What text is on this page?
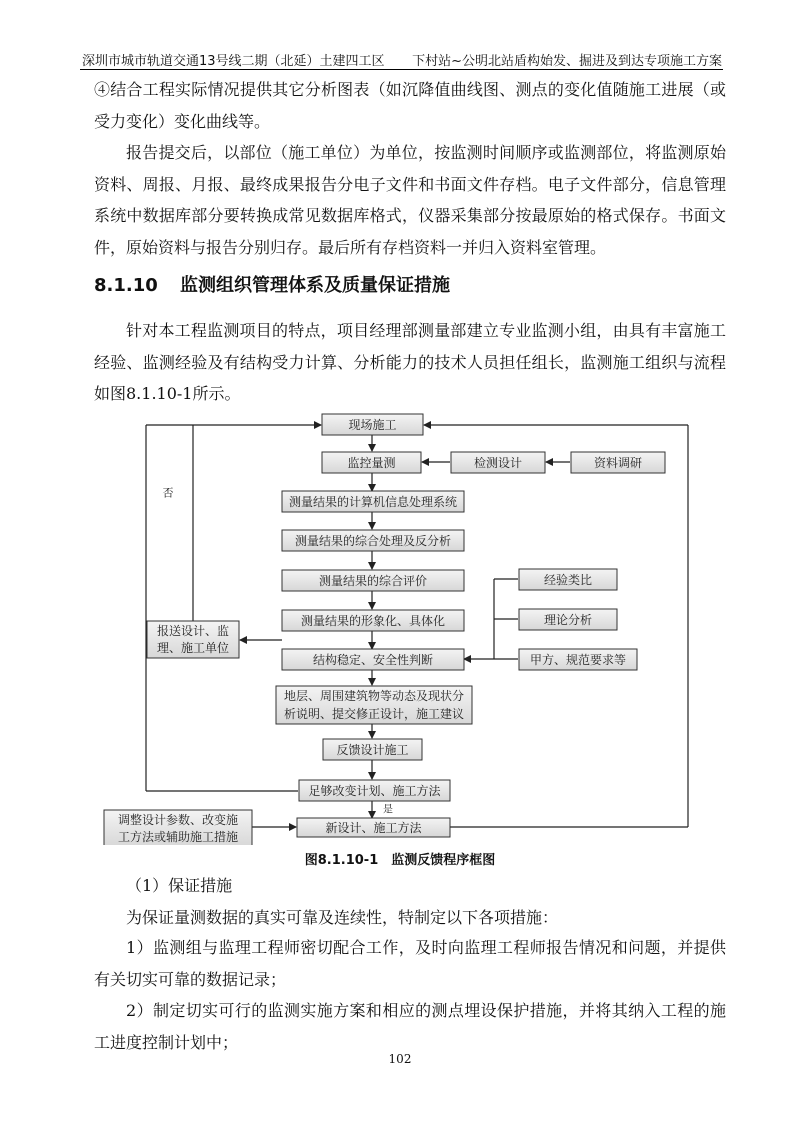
深圳市城市轨道交通13号线二期（北延）土建四工区 下村站~公明北站盾构始发、掘进及到达专项施工方案
④结合工程实际情况提供其它分析图表（如沉降值曲线图、测点的变化值随施工进展（或受力变化）变化曲线等。
报告提交后，以部位（施工单位）为单位，按监测时间顺序或监测部位，将监测原始资料、周报、月报、最终成果报告分电子文件和书面文件存档。电子文件部分，信息管理系统中数据库部分要转换成常见数据库格式，仪器采集部分按最原始的格式保存。书面文件，原始资料与报告分别归存。最后所有存档资料一并归入资料室管理。
8.1.10 监测组织管理体系及质量保证措施
针对本工程监测项目的特点，项目经理部测量部建立专业监测小组，由具有丰富施工经验、监测经验及有结构受力计算、分析能力的技术人员担任组长，监测施工组织与流程如图8.1.10-1所示。
现场施工
监控量测	检测设计	资料调研
测量结果的计算机信息处理系统
测量结果的综合处理及反分析
测量结果的综合评价
测量结果的形象化、具体化
报送设计、监
理、施工单位
结构稳定、安全性判断
经验类比
理论分析
甲方、规范要求等
地层、周围建筑物等动态及现状分
析说明、提交修正设计，施工建议
反馈设计施工
足够改变计划、施工方法
调整设计参数、改变施
工方法或辅助施工措施
新设计、施工方法
否
是
图8.1.10-1　监测反馈程序框图
（1）保证措施
为保证量测数据的真实可靠及连续性，特制定以下各项措施：
1）监测组与监理工程师密切配合工作，及时向监理工程师报告情况和问题，并提供有关切实可靠的数据记录；
2）制定切实可行的监测实施方案和相应的测点埋设保护措施，并将其纳入工程的施工进度控制计划中；
102
